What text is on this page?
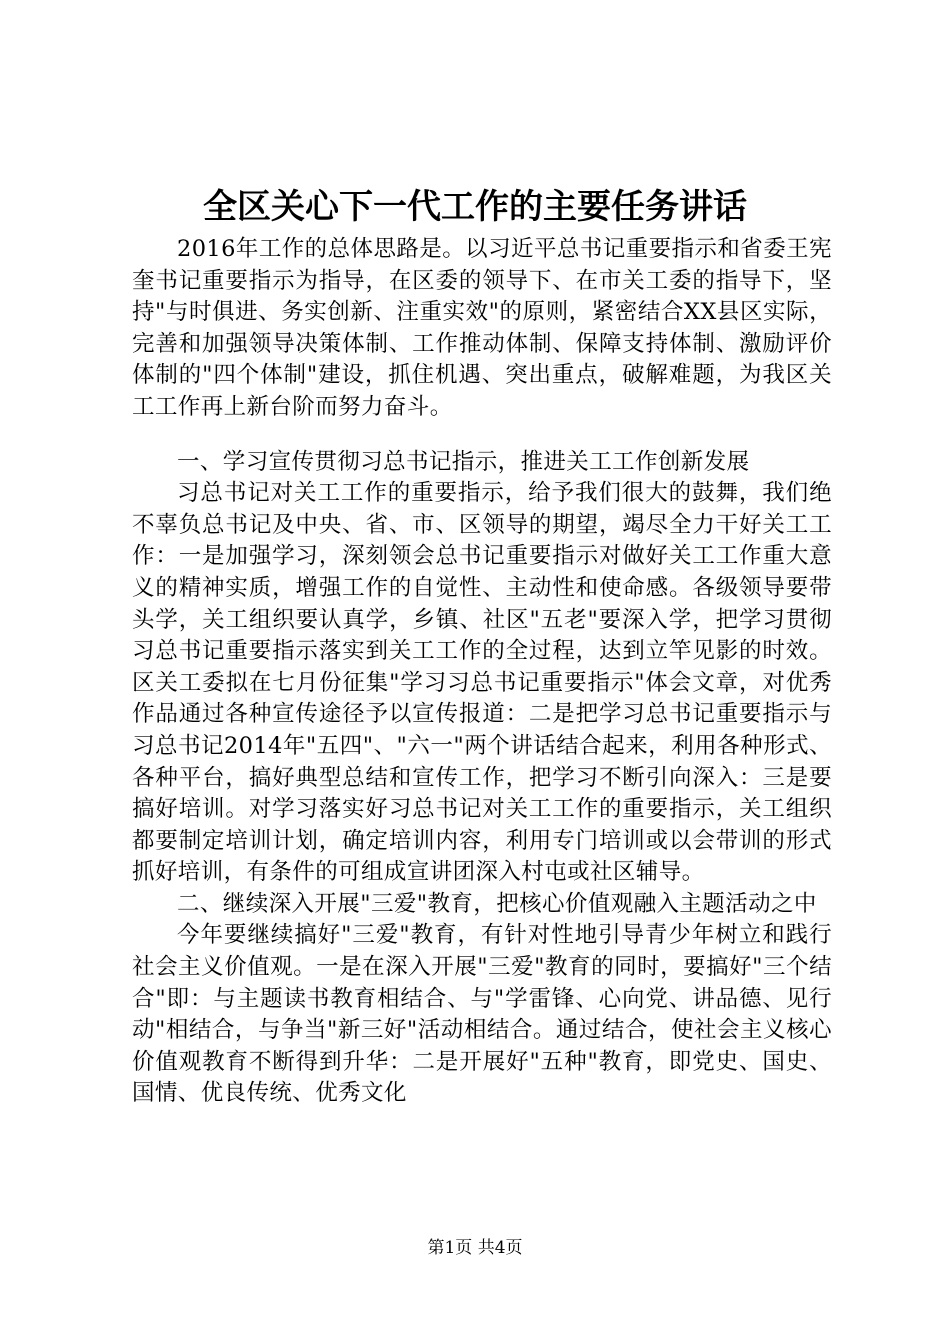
全区关心下一代工作的主要任务讲话

2016年工作的总体思路是。以习近平总书记重要指示和省委王宪奎书记重要指示为指导，在区委的领导下、在市关工委的指导下，坚持"与时俱进、务实创新、注重实效"的原则，紧密结合XX县区实际，完善和加强领导决策体制、工作推动体制、保障支持体制、激励评价体制的"四个体制"建设，抓住机遇、突出重点，破解难题，为我区关工工作再上新台阶而努力奋斗。

一、学习宣传贯彻习总书记指示，推进关工工作创新发展

习总书记对关工工作的重要指示，给予我们很大的鼓舞，我们绝不辜负总书记及中央、省、市、区领导的期望，竭尽全力干好关工工作：一是加强学习，深刻领会总书记重要指示对做好关工工作重大意义的精神实质，增强工作的自觉性、主动性和使命感。各级领导要带头学，关工组织要认真学，乡镇、社区"五老"要深入学，把学习贯彻习总书记重要指示落实到关工工作的全过程，达到立竿见影的时效。区关工委拟在七月份征集"学习习总书记重要指示"体会文章，对优秀作品通过各种宣传途径予以宣传报道：二是把学习总书记重要指示与习总书记2014年"五四"、"六一"两个讲话结合起来，利用各种形式、各种平台，搞好典型总结和宣传工作，把学习不断引向深入：三是要搞好培训。对学习落实好习总书记对关工工作的重要指示，关工组织都要制定培训计划，确定培训内容，利用专门培训或以会带训的形式抓好培训，有条件的可组成宣讲团深入村屯或社区辅导。

二、继续深入开展"三爱"教育，把核心价值观融入主题活动之中

今年要继续搞好"三爱"教育，有针对性地引导青少年树立和践行社会主义价值观。一是在深入开展"三爱"教育的同时，要搞好"三个结合"即：与主题读书教育相结合、与"学雷锋、心向党、讲品德、见行动"相结合，与争当"新三好"活动相结合。通过结合，使社会主义核心价值观教育不断得到升华：二是开展好"五种"教育，即党史、国史、国情、优良传统、优秀文化

第1页 共4页
